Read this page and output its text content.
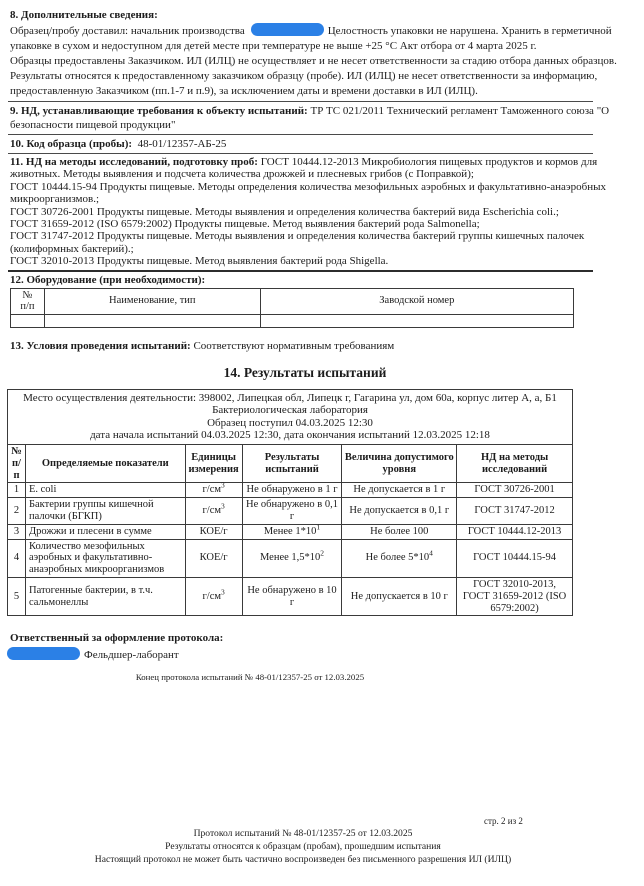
8. Дополнительные сведения:

Образец/пробу доставил: начальник производства	Целостность упаковки не нарушена. Хранить в герметичной упаковке в сухом и недоступном для детей месте при температуре не выше +25 °С Акт отбора от 4 марта 2025 г.

Образцы предоставлены Заказчиком. ИЛ (ИЛЦ) не осуществляет и не несет ответственности за стадию отбора данных образцов. Результаты относятся к предоставленному заказчиком образцу (пробе). ИЛ (ИЛЦ) не несет ответственности за информацию, предоставленную Заказчиком (пп.1-7 и п.9), за исключением даты и времени доставки в ИЛ (ИЛЦ).

9. НД, устанавливающие требования к объекту испытаний: ТР ТС 021/2011 Технический регламент Таможенного союза "О безопасности пищевой продукции"

10. Код образца (пробы): 48-01/12357-АБ-25

11. НД на методы исследований, подготовку проб: ГОСТ 10444.12-2013 Микробиология пищевых продуктов и кормов для животных. Методы выявления и подсчета количества дрожжей и плесневых грибов (с Поправкой);
ГОСТ 10444.15-94 Продукты пищевые. Методы определения количества мезофильных аэробных и факультативно-анаэробных микроорганизмов.;
ГОСТ 30726-2001 Продукты пищевые. Методы выявления и определения количества бактерий вида Escherichia coli.;
ГОСТ 31659-2012 (ISO 6579:2002) Продукты пищевые. Метод выявления бактерий рода Salmonella;
ГОСТ 31747-2012 Продукты пищевые. Методы выявления и определения количества бактерий группы кишечных палочек (колиформных бактерий).;
ГОСТ 32010-2013 Продукты пищевые. Метод выявления бактерий рода Shigella.
12. Оборудование (при необходимости):
№
п/п	Наименование, тип	Заводской номер

13. Условия проведения испытаний: Соответствуют нормативным требованиям

14. Результаты испытаний
Место осуществления деятельности: 398002, Липецкая обл, Липецк г, Гагарина ул, дом 60а, корпус литер А, а, Б1
Бактериологическая лаборатория
Образец поступил 04.03.2025 12:30
дата начала испытаний 04.03.2025 12:30, дата окончания испытаний 12.03.2025 12:18					

№
п/п	Определяемые показатели	Единицы измерения	Результаты испытаний	Величина допустимого уровня	НД на методы исследований
1	E. coli	$г/см^3$	Не обнаружено в 1 г	Не допускается в 1 г	ГОСТ 30726-2001
2	Бактерии группы кишечной палочки (БГКП)	$г/см^3$	Не обнаружено в 0,1 г	Не допускается в 0,1 г	ГОСТ 31747-2012
3	Дрожжи и плесени в сумме	КОЕ/г	Менее $1*10^1$	Не более 100	ГОСТ 10444.12-2013
4	Количество мезофильных аэробных и факультативно-анаэробных микроорганизмов	КОЕ/г	Менее $1,5*10^2$	Не более $5*10^4$	ГОСТ 10444.15-94
5	Патогенные бактерии, в т.ч. сальмонеллы	$г/см^3$	Не обнаружено в 10 г	Не допускается в 10 г	ГОСТ 32010-2013, ГОСТ 31659-2012 (ISO 6579:2002)
Ответственный за оформление протокола:
Фельдшер-лаборант
Конец протокола испытаний № 48-01/12357-25 от 12.03.2025
стр. 2 из 2
Протокол испытаний № 48-01/12357-25 от 12.03.2025
Результаты относятся к образцам (пробам), прошедшим испытания
Настоящий протокол не может быть частично воспроизведен без письменного разрешения ИЛ (ИЛЦ)
